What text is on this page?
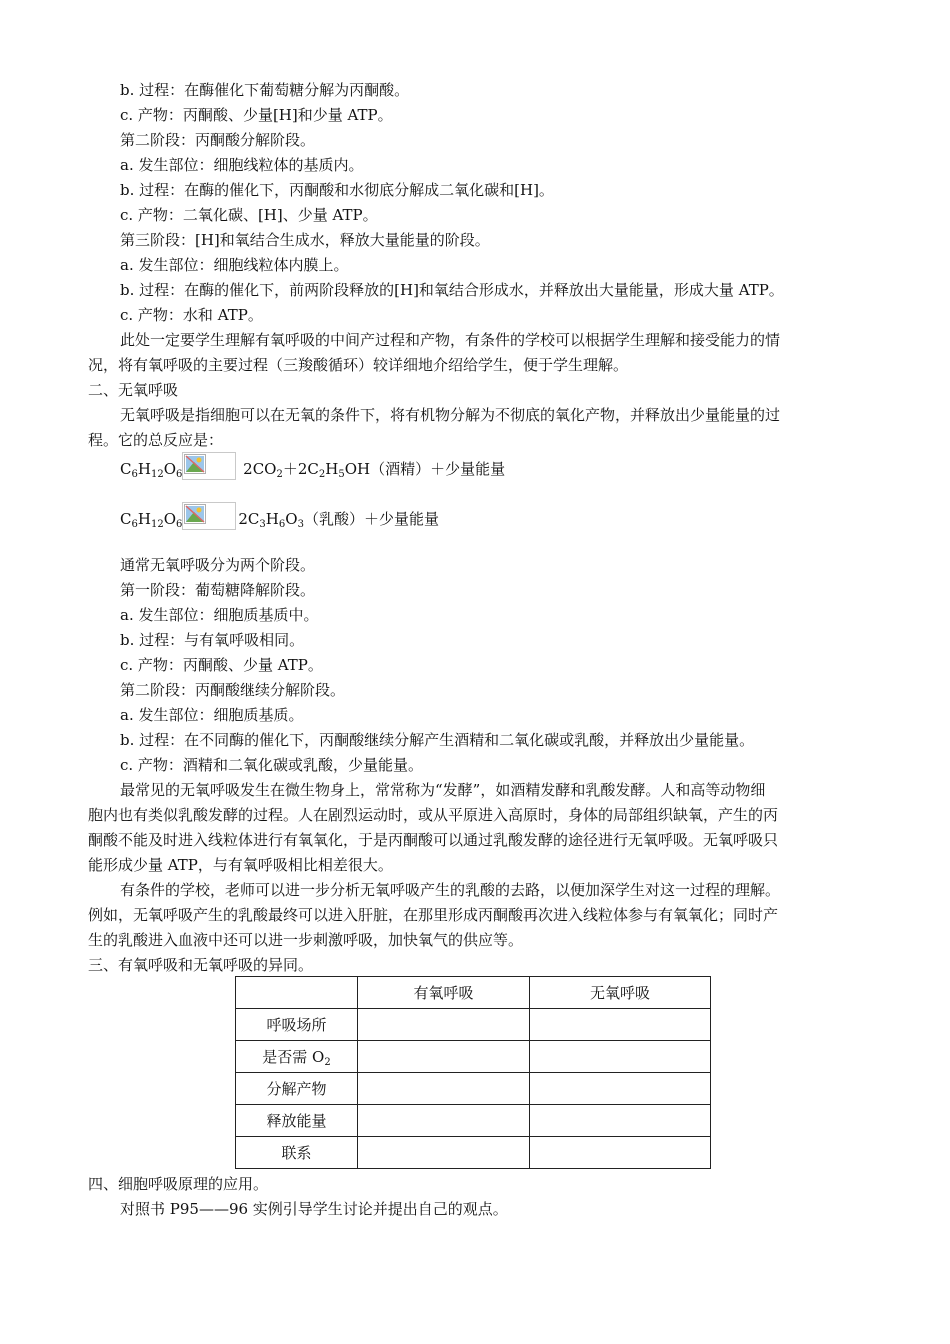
b. 过程：在酶催化下葡萄糖分解为丙酮酸。
c. 产物：丙酮酸、少量[H]和少量 ATP。
第二阶段：丙酮酸分解阶段。
a. 发生部位：细胞线粒体的基质内。
b. 过程：在酶的催化下，丙酮酸和水彻底分解成二氧化碳和[H]。
c. 产物：二氧化碳、[H]、少量 ATP。
第三阶段：[H]和氧结合生成水，释放大量能量的阶段。
a. 发生部位：细胞线粒体内膜上。
b. 过程：在酶的催化下，前两阶段释放的[H]和氧结合形成水，并释放出大量能量，形成大量 ATP。
c. 产物：水和 ATP。
此处一定要学生理解有氧呼吸的中间产过程和产物，有条件的学校可以根据学生理解和接受能力的情
况，将有氧呼吸的主要过程（三羧酸循环）较详细地介绍给学生，便于学生理解。
二、无氧呼吸
无氧呼吸是指细胞可以在无氧的条件下，将有机物分解为不彻底的氧化产物，并释放出少量能量的过
程。它的总反应是：
$C_6H_{12}O_6$	$2CO_2+2C_2H_5OH$（酒精）＋少量能量
$C_6H_{12}O_6$	$2C_3H_6O_3$（乳酸）＋少量能量
通常无氧呼吸分为两个阶段。
第一阶段：葡萄糖降解阶段。
a. 发生部位：细胞质基质中。
b. 过程：与有氧呼吸相同。
c. 产物：丙酮酸、少量 ATP。
第二阶段：丙酮酸继续分解阶段。
a. 发生部位：细胞质基质。
b. 过程：在不同酶的催化下，丙酮酸继续分解产生酒精和二氧化碳或乳酸，并释放出少量能量。
c. 产物：酒精和二氧化碳或乳酸，少量能量。
最常见的无氧呼吸发生在微生物身上，常常称为“发酵”，如酒精发酵和乳酸发酵。人和高等动物细
胞内也有类似乳酸发酵的过程。人在剧烈运动时，或从平原进入高原时，身体的局部组织缺氧，产生的丙
酮酸不能及时进入线粒体进行有氧氧化，于是丙酮酸可以通过乳酸发酵的途径进行无氧呼吸。无氧呼吸只
能形成少量 ATP，与有氧呼吸相比相差很大。
有条件的学校，老师可以进一步分析无氧呼吸产生的乳酸的去路，以便加深学生对这一过程的理解。
例如，无氧呼吸产生的乳酸最终可以进入肝脏，在那里形成丙酮酸再次进入线粒体参与有氧氧化；同时产
生的乳酸进入血液中还可以进一步刺激呼吸，加快氧气的供应等。
三、有氧呼吸和无氧呼吸的异同。
	有氧呼吸	无氧呼吸
呼吸场所		
是否需 $O_2$		
分解产物		
释放能量		
联系		
四、细胞呼吸原理的应用。
对照书 P95——96 实例引导学生讨论并提出自己的观点。
